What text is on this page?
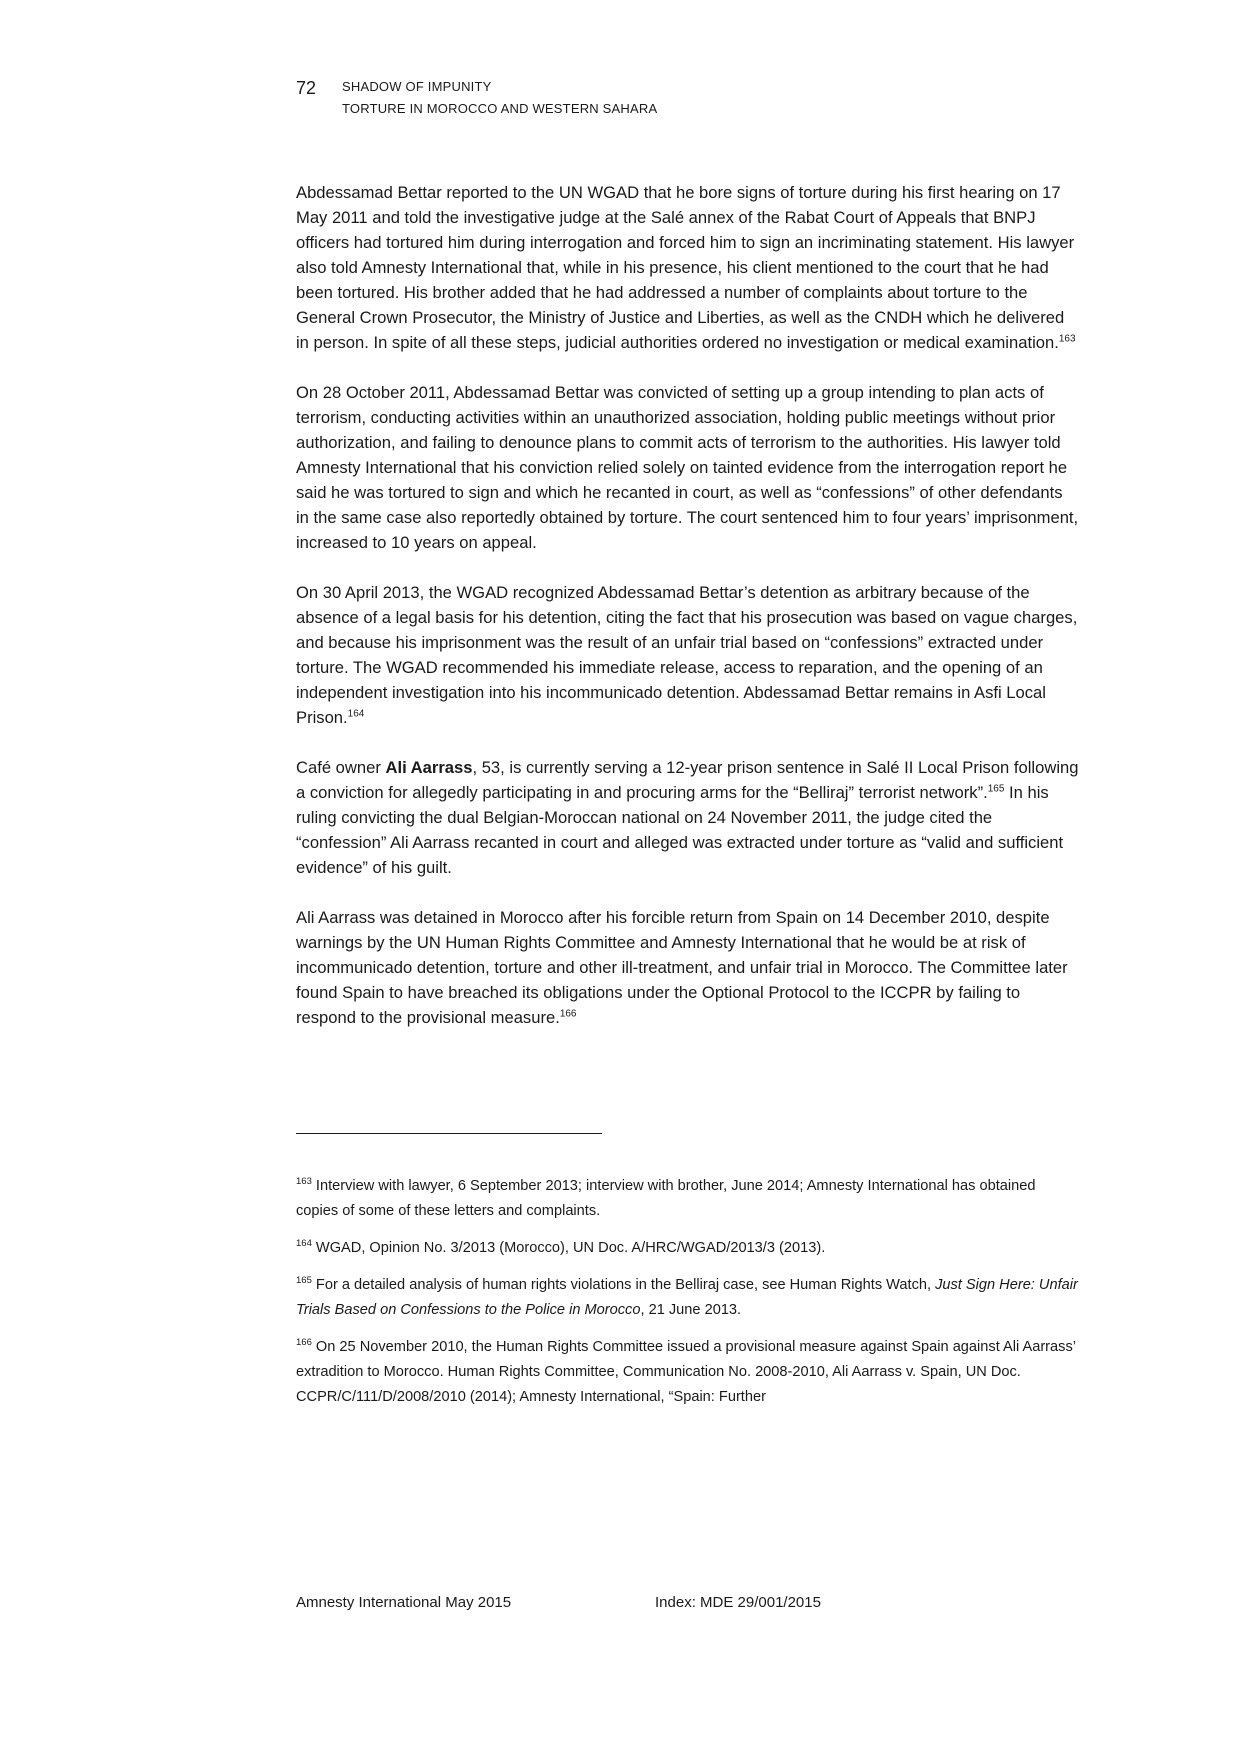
72 SHADOW OF IMPUNITY
TORTURE IN MOROCCO AND WESTERN SAHARA

Abdessamad Bettar reported to the UN WGAD that he bore signs of torture during his first hearing on 17 May 2011 and told the investigative judge at the Salé annex of the Rabat Court of Appeals that BNPJ officers had tortured him during interrogation and forced him to sign an incriminating statement. His lawyer also told Amnesty International that, while in his presence, his client mentioned to the court that he had been tortured. His brother added that he had addressed a number of complaints about torture to the General Crown Prosecutor, the Ministry of Justice and Liberties, as well as the CNDH which he delivered in person. In spite of all these steps, judicial authorities ordered no investigation or medical examination.$^{163}$

On 28 October 2011, Abdessamad Bettar was convicted of setting up a group intending to plan acts of terrorism, conducting activities within an unauthorized association, holding public meetings without prior authorization, and failing to denounce plans to commit acts of terrorism to the authorities. His lawyer told Amnesty International that his conviction relied solely on tainted evidence from the interrogation report he said he was tortured to sign and which he recanted in court, as well as “confessions” of other defendants in the same case also reportedly obtained by torture. The court sentenced him to four years’ imprisonment, increased to 10 years on appeal.

On 30 April 2013, the WGAD recognized Abdessamad Bettar’s detention as arbitrary because of the absence of a legal basis for his detention, citing the fact that his prosecution was based on vague charges, and because his imprisonment was the result of an unfair trial based on “confessions” extracted under torture. The WGAD recommended his immediate release, access to reparation, and the opening of an independent investigation into his incommunicado detention. Abdessamad Bettar remains in Asfi Local Prison.$^{164}$

Café owner Ali Aarrass, 53, is currently serving a 12-year prison sentence in Salé II Local Prison following a conviction for allegedly participating in and procuring arms for the “Belliraj” terrorist network”.$^{165}$ In his ruling convicting the dual Belgian-Moroccan national on 24 November 2011, the judge cited the “confession” Ali Aarrass recanted in court and alleged was extracted under torture as “valid and sufficient evidence” of his guilt.

Ali Aarrass was detained in Morocco after his forcible return from Spain on 14 December 2010, despite warnings by the UN Human Rights Committee and Amnesty International that he would be at risk of incommunicado detention, torture and other ill-treatment, and unfair trial in Morocco. The Committee later found Spain to have breached its obligations under the Optional Protocol to the ICCPR by failing to respond to the provisional measure.$^{166}$

$^{163}$ Interview with lawyer, 6 September 2013; interview with brother, June 2014; Amnesty International has obtained copies of some of these letters and complaints.

$^{164}$ WGAD, Opinion No. 3/2013 (Morocco), UN Doc. A/HRC/WGAD/2013/3 (2013).

$^{165}$ For a detailed analysis of human rights violations in the Belliraj case, see Human Rights Watch, Just Sign Here: Unfair Trials Based on Confessions to the Police in Morocco, 21 June 2013.

$^{166}$ On 25 November 2010, the Human Rights Committee issued a provisional measure against Spain against Ali Aarrass’ extradition to Morocco. Human Rights Committee, Communication No. 2008-2010, Ali Aarrass v. Spain, UN Doc. CCPR/C/111/D/2008/2010 (2014); Amnesty International, “Spain: Further

Amnesty International May 2015	Index: MDE 29/001/2015
